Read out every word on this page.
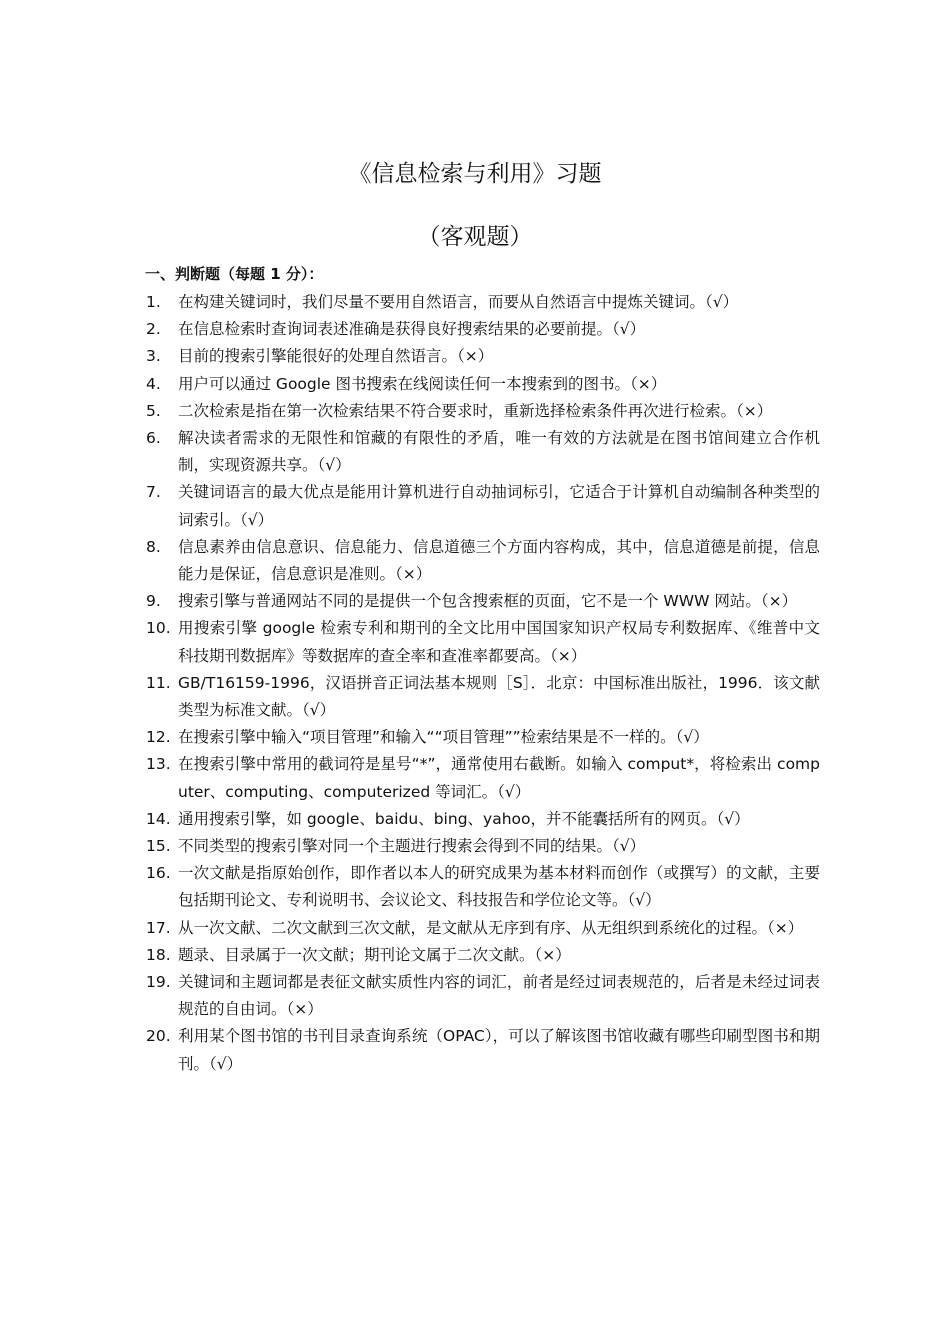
《信息检索与利用》习题
（客观题）
一、判断题（每题 1 分）：
1.	在构建关键词时，我们尽量不要用自然语言，而要从自然语言中提炼关键词。（√）
2.	在信息检索时查询词表述准确是获得良好搜索结果的必要前提。（√）
3.	目前的搜索引擎能很好的处理自然语言。（×）
4.	用户可以通过 Google 图书搜索在线阅读任何一本搜索到的图书。（×）
5.	二次检索是指在第一次检索结果不符合要求时，重新选择检索条件再次进行检索。（×）
6.	解决读者需求的无限性和馆藏的有限性的矛盾，唯一有效的方法就是在图书馆间建立合作机制，实现资源共享。（√）
7.	关键词语言的最大优点是能用计算机进行自动抽词标引，它适合于计算机自动编制各种类型的词索引。（√）
8.	信息素养由信息意识、信息能力、信息道德三个方面内容构成，其中，信息道德是前提，信息能力是保证，信息意识是准则。（×）
9.	搜索引擎与普通网站不同的是提供一个包含搜索框的页面，它不是一个 WWW 网站。（×）
10. 用搜索引擎 google 检索专利和期刊的全文比用中国国家知识产权局专利数据库、《维普中文科技期刊数据库》等数据库的查全率和查准率都要高。（×）
11. GB/T16159-1996，汉语拼音正词法基本规则［S］．北京：中国标准出版社，1996．该文献类型为标准文献。（√）
12. 在搜索引擎中输入“项目管理”和输入““项目管理””检索结果是不一样的。（√）
13. 在搜索引擎中常用的截词符是星号“*”，通常使用右截断。如输入 comput*，将检索出 computer、computing、computerized 等词汇。（√）
14. 通用搜索引擎，如 google、baidu、bing、yahoo，并不能囊括所有的网页。（√）
15. 不同类型的搜索引擎对同一个主题进行搜索会得到不同的结果。（√）
16. 一次文献是指原始创作，即作者以本人的研究成果为基本材料而创作（或撰写）的文献，主要包括期刊论文、专利说明书、会议论文、科技报告和学位论文等。（√）
17. 从一次文献、二次文献到三次文献，是文献从无序到有序、从无组织到系统化的过程。（×）
18. 题录、目录属于一次文献；期刊论文属于二次文献。（×）
19. 关键词和主题词都是表征文献实质性内容的词汇，前者是经过词表规范的，后者是未经过词表规范的自由词。（×）
20. 利用某个图书馆的书刊目录查询系统（OPAC），可以了解该图书馆收藏有哪些印刷型图书和期刊。（√）
